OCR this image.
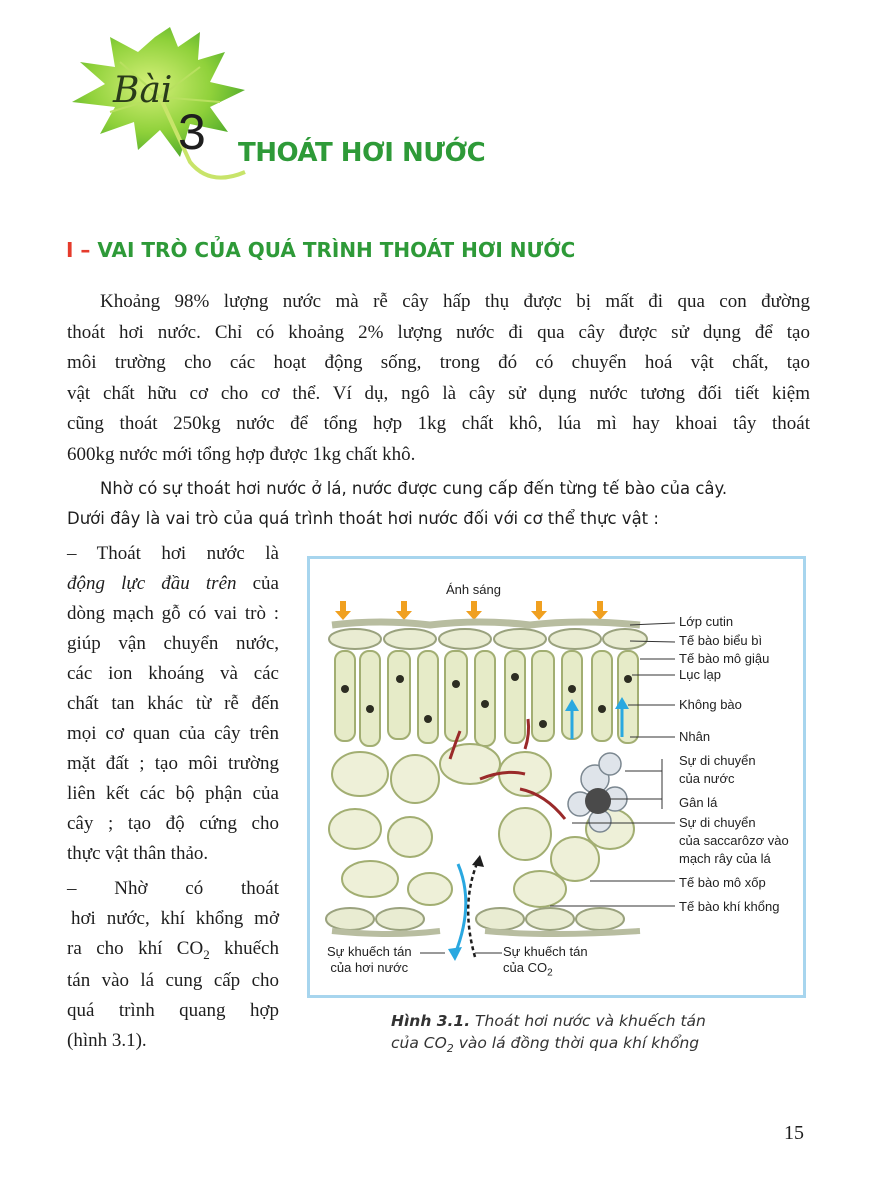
Bài
3 THOÁT HƠI NƯỚC
I – VAI TRÒ CỦA QUÁ TRÌNH THOÁT HƠI NƯỚC
Khoảng 98% lượng nước mà rễ cây hấp thụ được bị mất đi qua con đường
thoát hơi nước. Chỉ có khoảng 2% lượng nước đi qua cây được sử dụng để tạo
môi trường cho các hoạt động sống, trong đó có chuyển hoá vật chất, tạo
vật chất hữu cơ cho cơ thể. Ví dụ, ngô là cây sử dụng nước tương đối tiết kiệm
cũng thoát 250kg nước để tổng hợp 1kg chất khô, lúa mì hay khoai tây thoát
600kg nước mới tổng hợp được 1kg chất khô.
Nhờ có sự thoát hơi nước ở lá, nước được cung cấp đến từng tế bào của cây.
Dưới đây là vai trò của quá trình thoát hơi nước đối với cơ thể thực vật :
– Thoát hơi nước là
động lực đầu trên của
dòng mạch gỗ có vai trò :
giúp vận chuyển nước,
các ion khoáng và các
chất tan khác từ rễ đến
mọi cơ quan của cây trên
mặt đất ; tạo môi trường
liên kết các bộ phận của
cây ; tạo độ cứng cho
thực vật thân thảo.
– Nhờ có thoát
hơi nước, khí khổng mở
ra cho khí $CO_2$ khuếch
tán vào lá cung cấp cho
quá trình quang hợp
(hình 3.1).
Ánh sáng
Lớp cutin
Tế bào biểu bì
Tế bào mô giậu
Lục lạp
Không bào
Nhân
Sự di chuyển
của nước
Gân lá
Sự di chuyển
của saccarôzơ vào
mạch rây của lá
Tế bào mô xốp
Tế bào khí khổng
Sự khuếch tán
của hơi nước
Sự khuếch tán
của $CO_2$
Hình 3.1. Thoát hơi nước và khuếch tán
của $CO_2$ vào lá đồng thời qua khí khổng
15
